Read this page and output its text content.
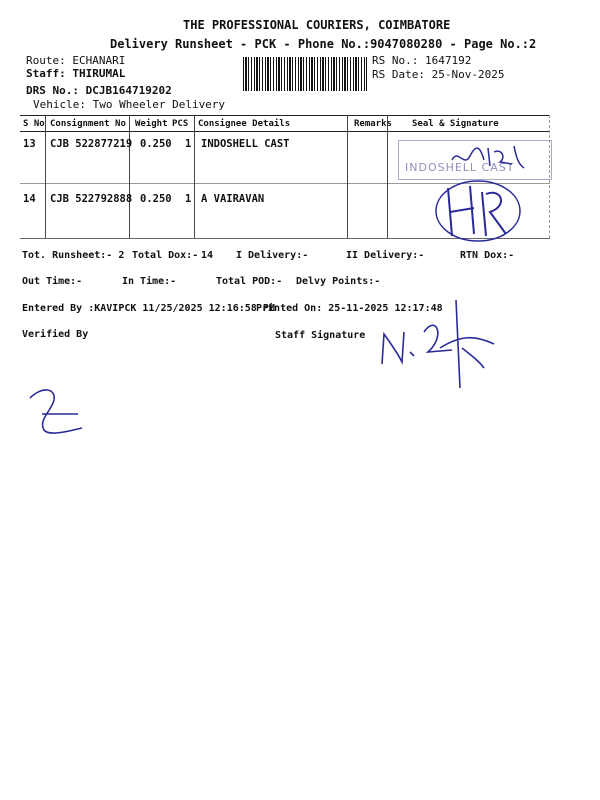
THE PROFESSIONAL COURIERS, COIMBATORE
Delivery Runsheet - PCK - Phone No.:9047080280 - Page No.:2
Route: ECHANARI
Staff: THIRUMAL
DRS No.: DCJB164719202
Vehicle: Two Wheeler Delivery
RS No.: 1647192
RS Date: 25-Nov-2025
S No Consignment No Weight PCS Consignee Details	Remarks Seal & Signature
13 CJB 522877219 0.250 1 INDOSHELL CAST
14 CJB 522792888 0.250 1 A VAIRAVAN
INDOSHELL CAST
Tot. Runsheet:- 2 Total Dox:- 14 I Delivery:-	II Delivery:-	RTN Dox:-
Out Time:-	In Time:-	Total POD:- Delvy Points:-
Entered By :KAVIPCK 11/25/2025 12:16:58 PM
Printed On: 25-11-2025 12:17:48
Verified By	Staff Signature
